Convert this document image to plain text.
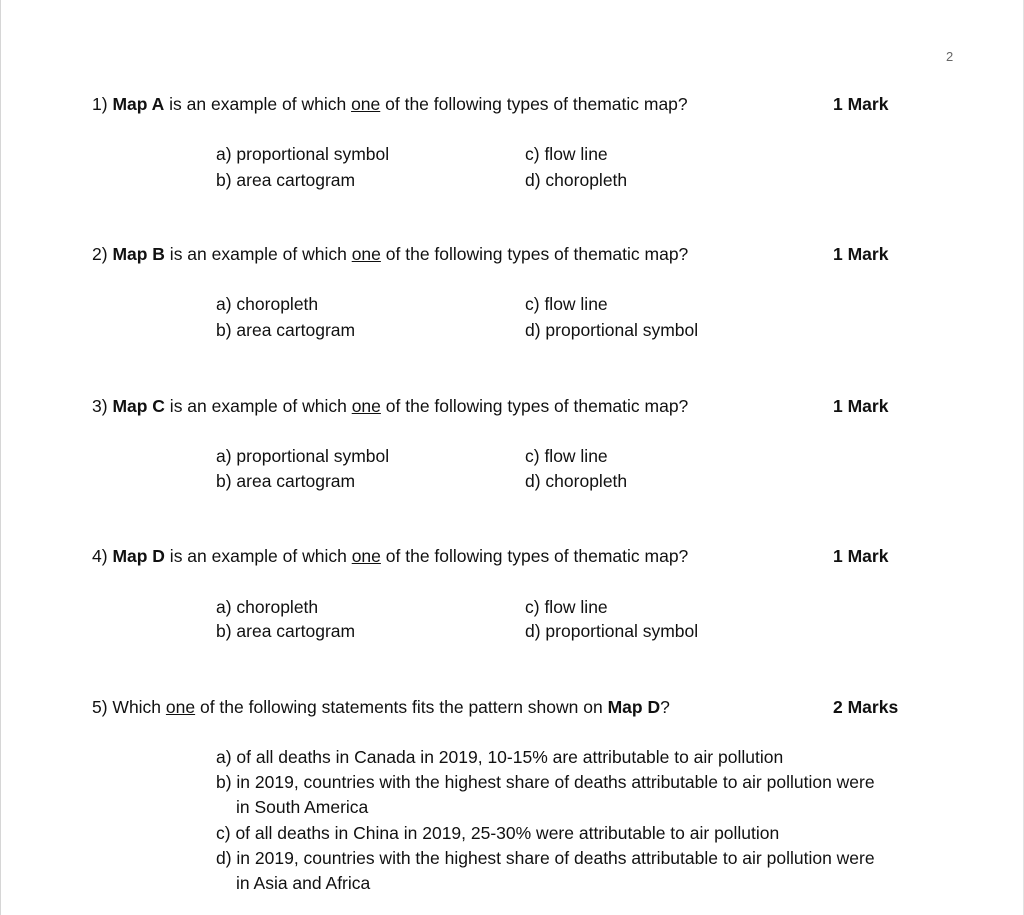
2
1) Map A is an example of which one of the following types of thematic map?	1 Mark
a) proportional symbol
b) area cartogram
c) flow line
d) choropleth
2) Map B is an example of which one of the following types of thematic map?	1 Mark
a) choropleth
b) area cartogram
c) flow line
d) proportional symbol
3) Map C is an example of which one of the following types of thematic map?	1 Mark
a) proportional symbol
b) area cartogram
c) flow line
d) choropleth
4) Map D is an example of which one of the following types of thematic map?	1 Mark
a) choropleth
b) area cartogram
c) flow line
d) proportional symbol
5) Which one of the following statements fits the pattern shown on Map D?	2 Marks
a) of all deaths in Canada in 2019, 10-15% are attributable to air pollution
b) in 2019, countries with the highest share of deaths attributable to air pollution were
in South America
c) of all deaths in China in 2019, 25-30% were attributable to air pollution
d) in 2019, countries with the highest share of deaths attributable to air pollution were
in Asia and Africa
